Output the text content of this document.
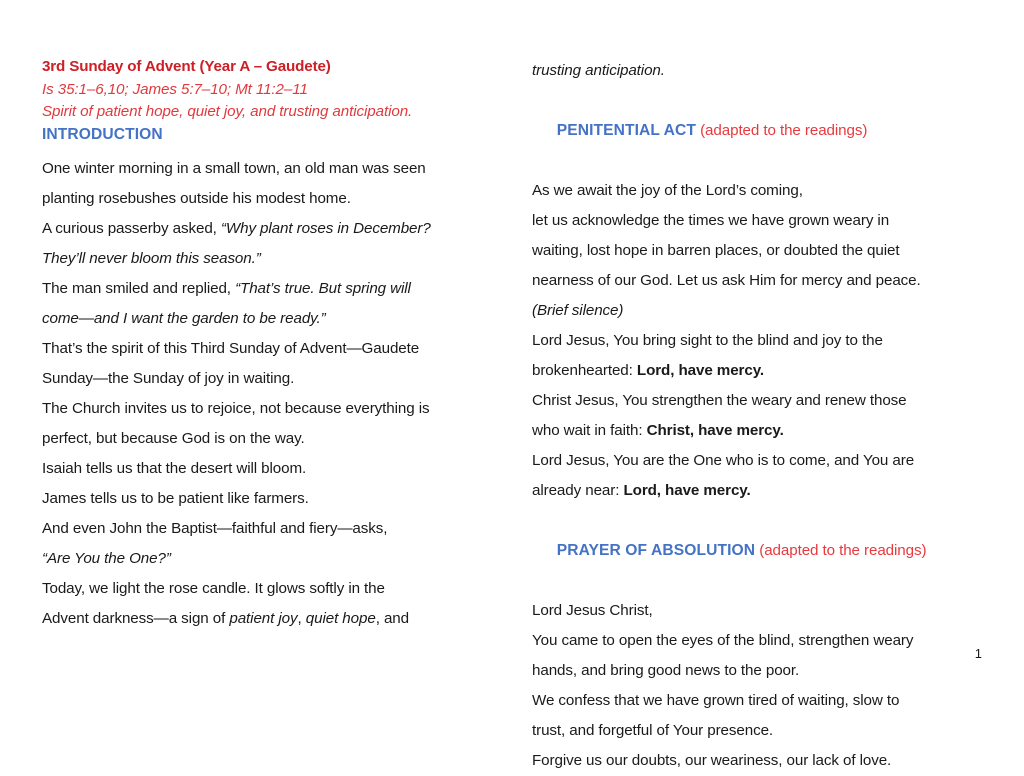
3rd Sunday of Advent (Year A – Gaudete)
Is 35:1–6,10; James 5:7–10; Mt 11:2–11
Spirit of patient hope, quiet joy, and trusting anticipation.
INTRODUCTION
One winter morning in a small town, an old man was seen
planting rosebushes outside his modest home.
A curious passerby asked, “Why plant roses in December?
They’ll never bloom this season.”
The man smiled and replied, “That’s true. But spring will
come—and I want the garden to be ready.”
That’s the spirit of this Third Sunday of Advent—Gaudete
Sunday—the Sunday of joy in waiting.
The Church invites us to rejoice, not because everything is
perfect, but because God is on the way.
Isaiah tells us that the desert will bloom.
James tells us to be patient like farmers.
And even John the Baptist—faithful and fiery—asks,
“Are You the One?”
Today, we light the rose candle. It glows softly in the
Advent darkness—a sign of patient joy, quiet hope, and
trusting anticipation.

PENITENTIAL ACT (adapted to the readings)

As we await the joy of the Lord’s coming,
let us acknowledge the times we have grown weary in
waiting, lost hope in barren places, or doubted the quiet
nearness of our God. Let us ask Him for mercy and peace.
(Brief silence)
Lord Jesus, You bring sight to the blind and joy to the
brokenhearted: Lord, have mercy.
Christ Jesus, You strengthen the weary and renew those
who wait in faith: Christ, have mercy.
Lord Jesus, You are the One who is to come, and You are
already near: Lord, have mercy.

PRAYER OF ABSOLUTION (adapted to the readings)

Lord Jesus Christ,
You came to open the eyes of the blind, strengthen weary
hands, and bring good news to the poor.
We confess that we have grown tired of waiting, slow to
trust, and forgetful of Your presence.
Forgive us our doubts, our weariness, our lack of love.
1
